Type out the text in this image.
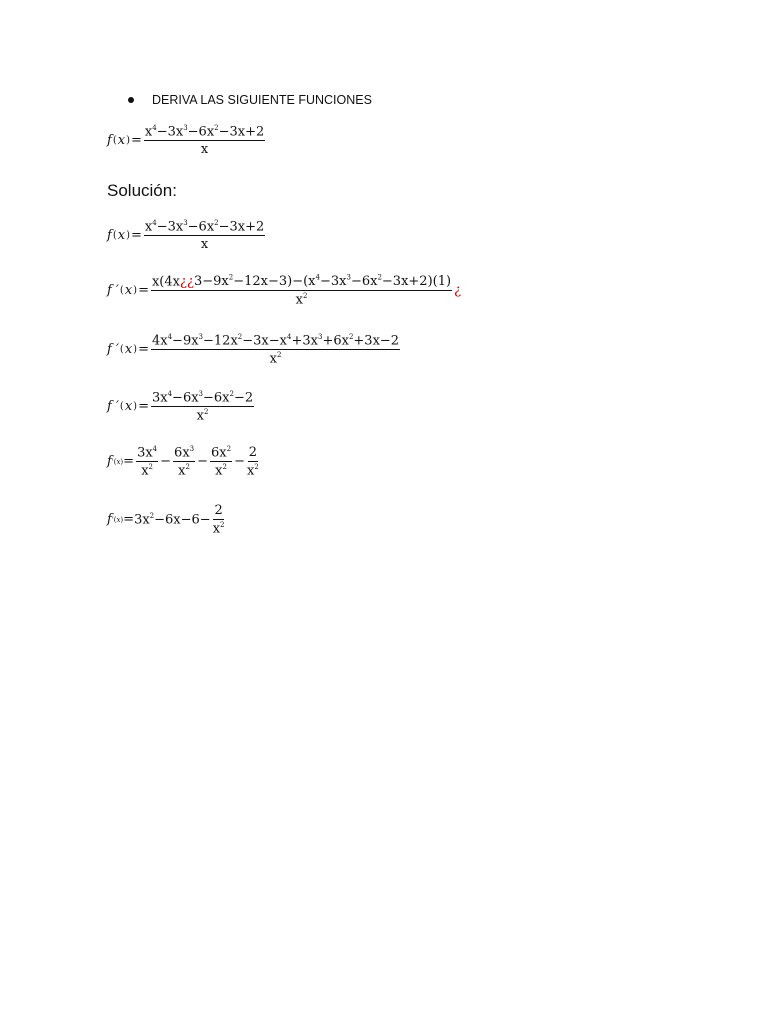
DERIVA LAS SIGUIENTE FUNCIONES
f ( x ) = $\frac{x^4-3x^3-6x^2-3x+2}{x}$
Solución:
f ( x ) = $\frac{x^4-3x^3-6x^2-3x+2}{x}$
f ′ ( x ) = $\frac{x(4x¿¿3-9x^2-12x-3)-(x^4-3x^3-6x^2-3x+2)(1)}{x^2}$ ¿
f ′ ( x ) = $\frac{4x^4-9x^3-12x^2-3x-x^4+3x^3+6x^2+3x-2}{x^2}$
f ′ ( x ) = $\frac{3x^4-6x^3-6x^2-2}{x^2}$
f '( x ) = $\frac{3x^4}{x^2} - \frac{6x^3}{x^2} - \frac{6x^2}{x^2} - \frac{2}{x^2}$
f '( x ) = $3x^2-6x-6- \frac{2}{x^2}$
